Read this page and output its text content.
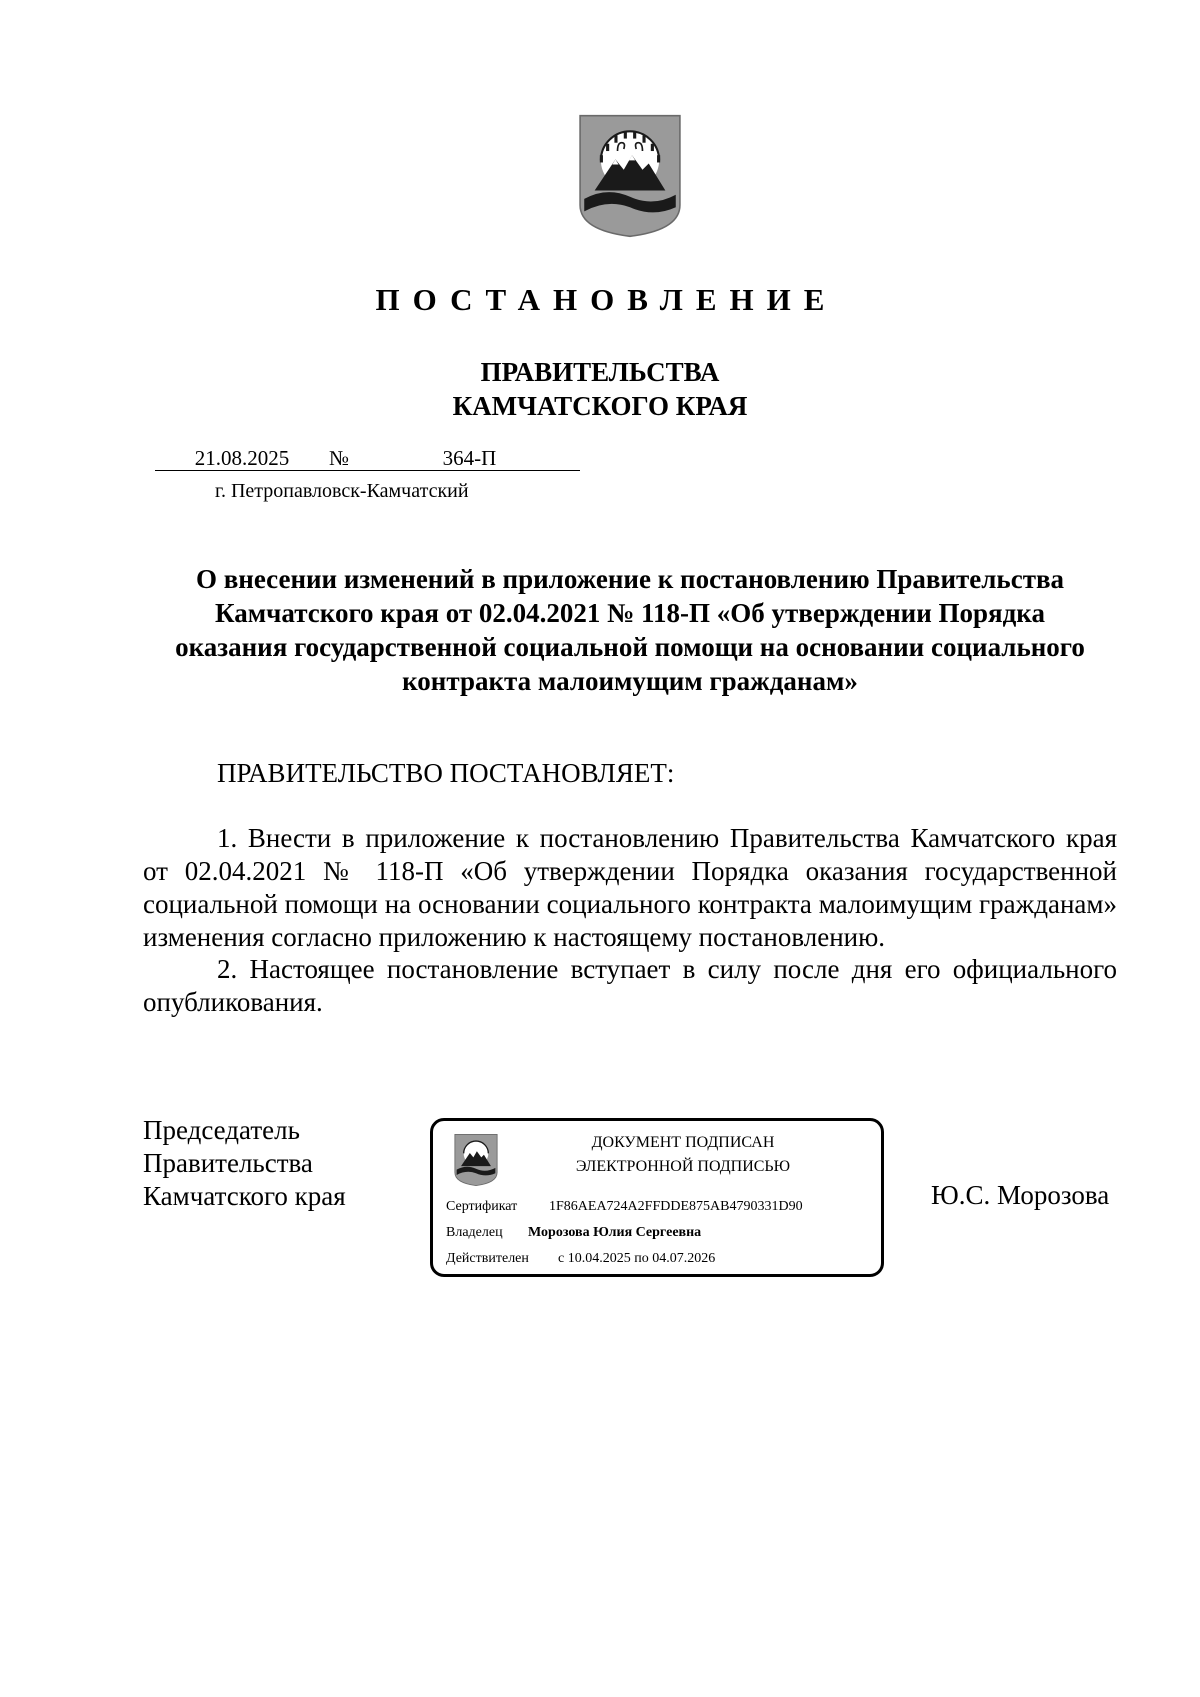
ПОСТАНОВЛЕНИЕ
ПРАВИТЕЛЬСТВА
КАМЧАТСКОГО КРАЯ
21.08.2025	№	364-П
г. Петропавловск-Камчатский
О внесении изменений в приложение к постановлению Правительства
Камчатского края от 02.04.2021 № 118-П «Об утверждении Порядка
оказания государственной социальной помощи на основании социального
контракта малоимущим гражданам»
ПРАВИТЕЛЬСТВО ПОСТАНОВЛЯЕТ:

1. Внести в приложение к постановлению Правительства Камчатского края от 02.04.2021 № 118-П «Об утверждении Порядка оказания государственной социальной помощи на основании социального контракта малоимущим гражданам» изменения согласно приложению к настоящему постановлению.

2. Настоящее постановление вступает в силу после дня его официального опубликования.

Председатель
Правительства
Камчатского края
ДОКУМЕНТ ПОДПИСАН
ЭЛЕКТРОННОЙ ПОДПИСЬЮ
Сертификат 1F86AEA724A2FFDDE875AB4790331D90
Владелец Морозова Юлия Сергеевна
Действителен с 10.04.2025 по 04.07.2026
Ю.С. Морозова
